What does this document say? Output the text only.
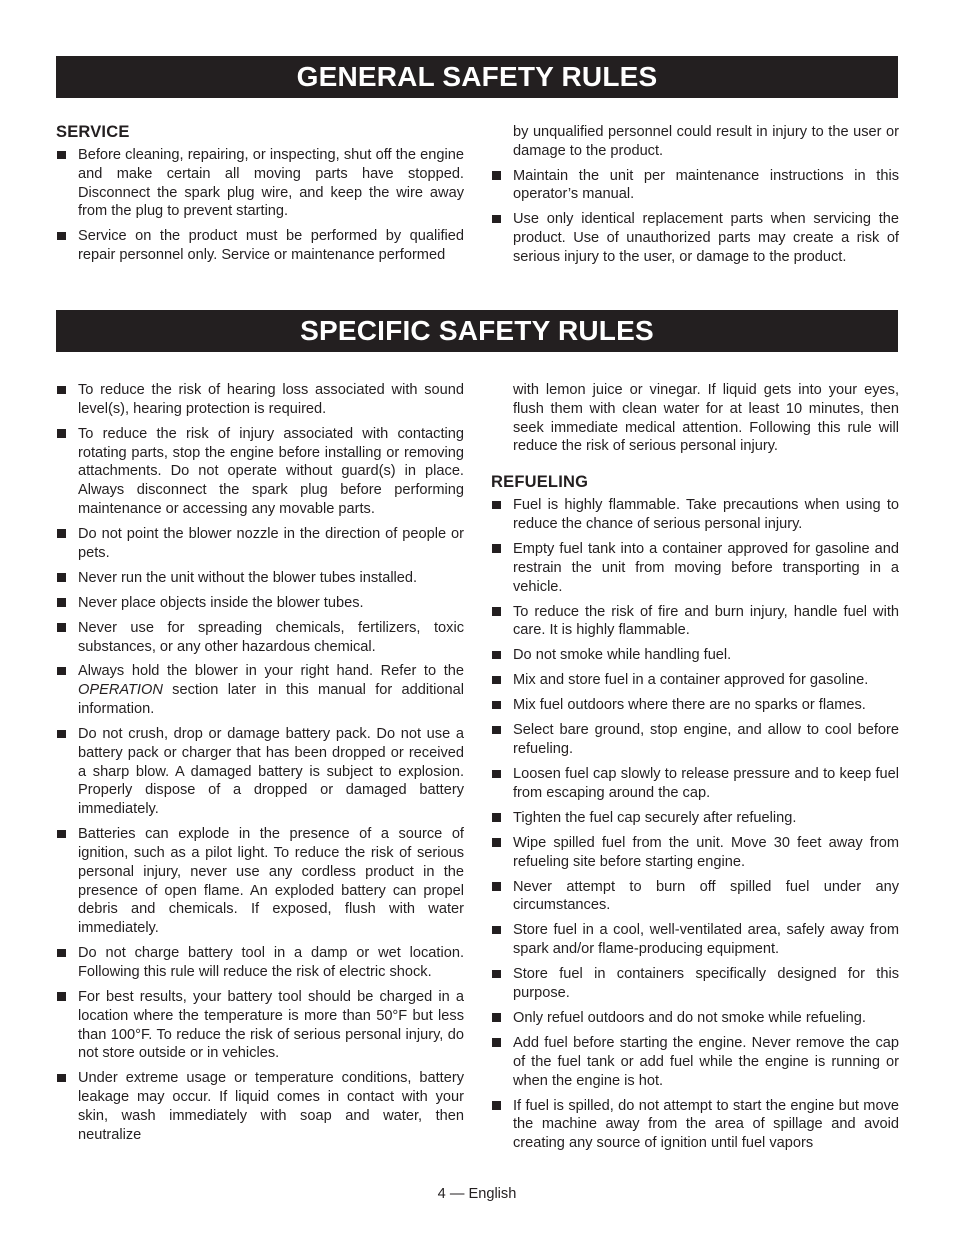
GENERAL SAFETY RULES
SERVICE
Before cleaning, repairing, or inspecting, shut off the engine and make certain all moving parts have stopped. Disconnect the spark plug wire, and keep the wire away from the plug to prevent starting.
Service on the product must be performed by qualified repair personnel only. Service or maintenance performed
by unqualified personnel could result in injury to the user or damage to the product.
Maintain the unit per maintenance instructions in this operator’s manual.
Use only identical replacement parts when servicing the product. Use of unauthorized parts may create a risk of serious injury to the user, or damage to the product.
SPECIFIC SAFETY RULES
To reduce the risk of hearing loss associated with sound level(s), hearing protection is required.
To reduce the risk of injury associated with contacting rotating parts, stop the engine before installing or removing attachments. Do not operate without guard(s) in place. Always disconnect the spark plug before performing maintenance or accessing any movable parts.
Do not point the blower nozzle in the direction of people or pets.
Never run the unit without the blower tubes installed.
Never place objects inside the blower tubes.
Never use for spreading chemicals, fertilizers, toxic substances, or any other hazardous chemical.
Always hold the blower in your right hand. Refer to the OPERATION section later in this manual for additional information.
Do not crush, drop or damage battery pack. Do not use a battery pack or charger that has been dropped or received a sharp blow. A damaged battery is subject to explosion. Properly dispose of a dropped or damaged battery immediately.
Batteries can explode in the presence of a source of ignition, such as a pilot light. To reduce the risk of serious personal injury, never use any cordless product in the presence of open flame. An exploded battery can propel debris and chemicals. If exposed, flush with water immediately.
Do not charge battery tool in a damp or wet location. Following this rule will reduce the risk of electric shock.
For best results, your battery tool should be charged in a location where the temperature is more than 50°F but less than 100°F. To reduce the risk of serious personal injury, do not store outside or in vehicles.
Under extreme usage or temperature conditions, battery leakage may occur. If liquid comes in contact with your skin, wash immediately with soap and water, then neutralize
with lemon juice or vinegar. If liquid gets into your eyes, flush them with clean water for at least 10 minutes, then seek immediate medical attention. Following this rule will reduce the risk of serious personal injury.
REFUELING
Fuel is highly flammable. Take precautions when using to reduce the chance of serious personal injury.
Empty fuel tank into a container approved for gasoline and restrain the unit from moving before transporting in a vehicle.
To reduce the risk of fire and burn injury, handle fuel with care. It is highly flammable.
Do not smoke while handling fuel.
Mix and store fuel in a container approved for gasoline.
Mix fuel outdoors where there are no sparks or flames.
Select bare ground, stop engine, and allow to cool before refueling.
Loosen fuel cap slowly to release pressure and to keep fuel from escaping around the cap.
Tighten the fuel cap securely after refueling.
Wipe spilled fuel from the unit. Move 30 feet away from refueling site before starting engine.
Never attempt to burn off spilled fuel under any circumstances.
Store fuel in a cool, well-ventilated area, safely away from spark and/or flame-producing equipment.
Store fuel in containers specifically designed for this purpose.
Only refuel outdoors and do not smoke while refueling.
Add fuel before starting the engine. Never remove the cap of the fuel tank or add fuel while the engine is running or when the engine is hot.
If fuel is spilled, do not attempt to start the engine but move the machine away from the area of spillage and avoid creating any source of ignition until fuel vapors
4 — English
